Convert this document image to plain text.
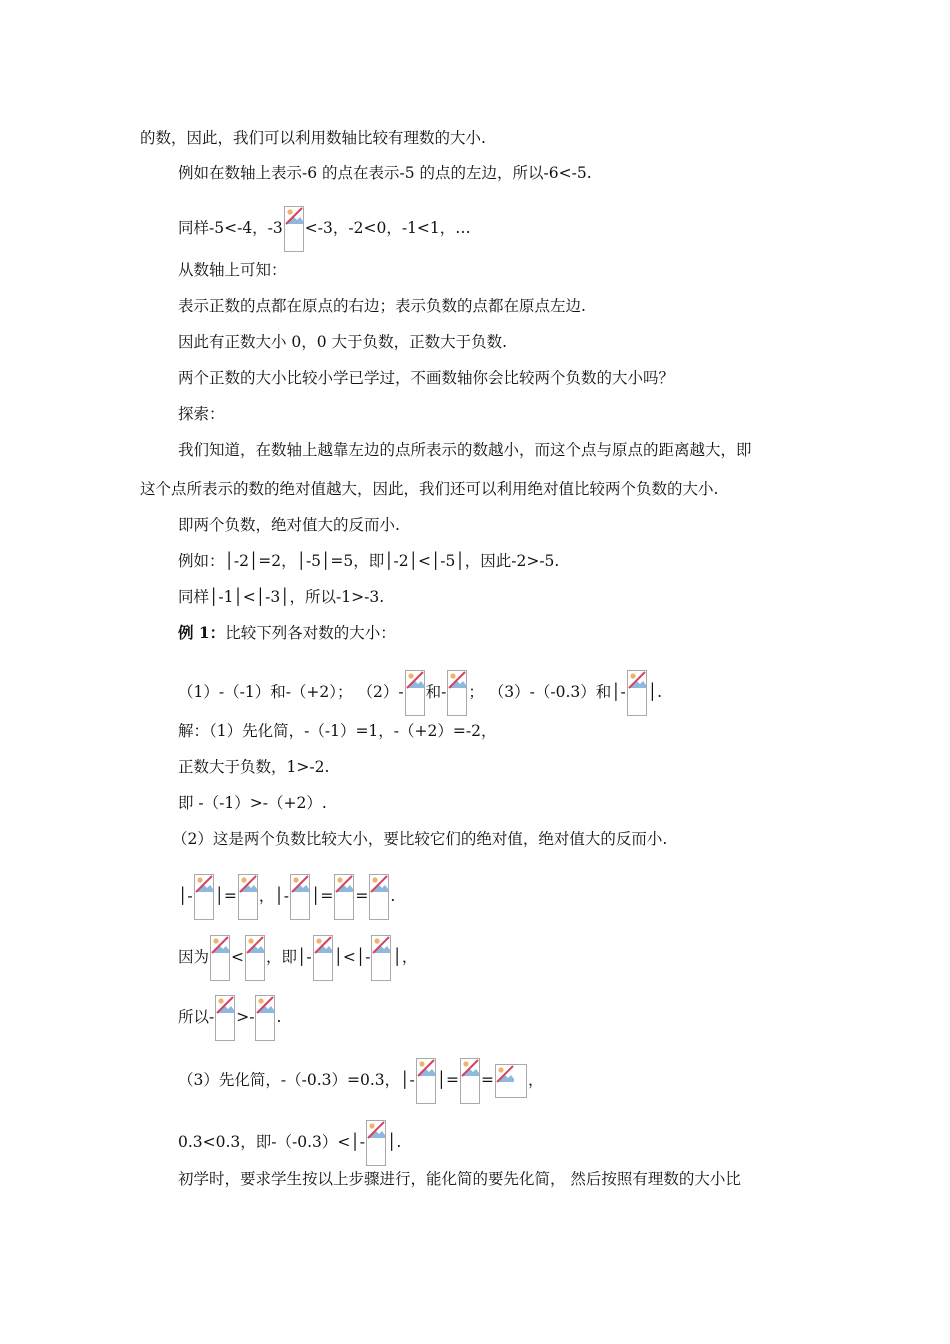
的数，因此，我们可以利用数轴比较有理数的大小.
例如在数轴上表示-6 的点在表示-5 的点的左边，所以-6<-5.
同样-5<-4，-3 <-3，-2<0，-1<1，…
从数轴上可知：
表示正数的点都在原点的右边；表示负数的点都在原点左边.
因此有正数大小 0，0 大于负数，正数大于负数.
两个正数的大小比较小学已学过，不画数轴你会比较两个负数的大小吗？
探索：
我们知道，在数轴上越靠左边的点所表示的数越小，而这个点与原点的距离越大，即
这个点所表示的数的绝对值越大，因此，我们还可以利用绝对值比较两个负数的大小.
即两个负数，绝对值大的反而小.
例如：│-2│=2，│-5│=5，即│-2│<│-5│，因此-2>-5.
同样│-1│<│-3│，所以-1>-3.
例 1：比较下列各对数的大小：
（1）-（-1）和-（+2）； （2）- 和- ； （3）-（-0.3）和│- │.
解：（1）先化简，-（-1）=1，-（+2）=-2，
正数大于负数，1>-2.
即 -（-1）>-（+2）.
（2）这是两个负数比较大小，要比较它们的绝对值，绝对值大的反而小.
│- │= ，│- │= = .
因为 < ，即│- │<│- │，
所以- >- .
（3）先化简，-（-0.3）=0.3，│- │= = ，
0.3<0.3，即-（-0.3）<│- │.
初学时，要求学生按以上步骤进行，能化简的要先化简， 然后按照有理数的大小比
